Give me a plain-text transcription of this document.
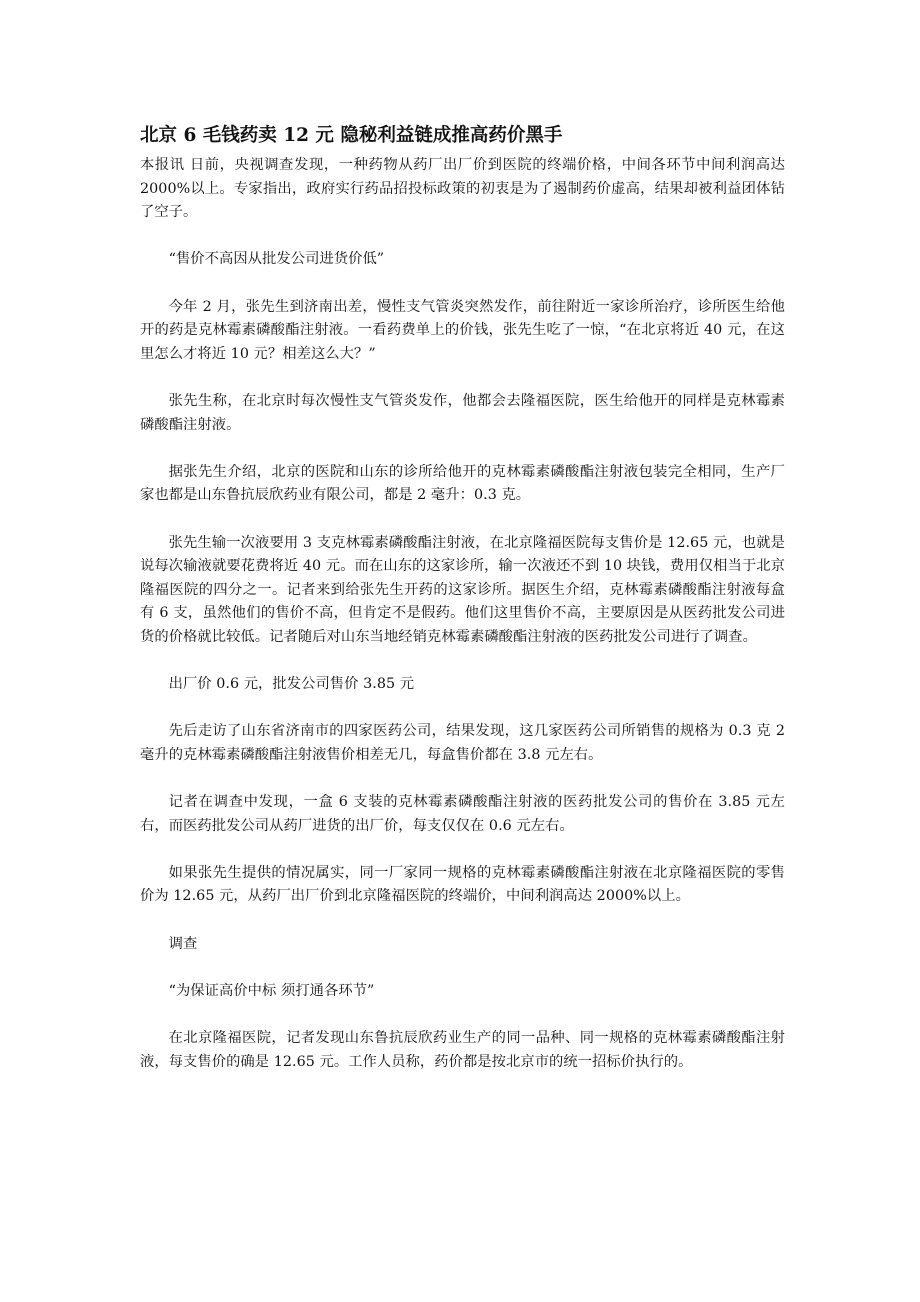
北京 6 毛钱药卖 12 元 隐秘利益链成推高药价黑手

本报讯 日前，央视调查发现，一种药物从药厂出厂价到医院的终端价格，中间各环节中间利润高达 2000%以上。专家指出，政府实行药品招投标政策的初衷是为了遏制药价虚高，结果却被利益团体钻了空子。

“售价不高因从批发公司进货价低”

今年 2 月，张先生到济南出差，慢性支气管炎突然发作，前往附近一家诊所治疗，诊所医生给他开的药是克林霉素磷酸酯注射液。一看药费单上的价钱，张先生吃了一惊，“在北京将近 40 元，在这里怎么才将近 10 元？相差这么大？”

张先生称，在北京时每次慢性支气管炎发作，他都会去隆福医院，医生给他开的同样是克林霉素磷酸酯注射液。

据张先生介绍，北京的医院和山东的诊所给他开的克林霉素磷酸酯注射液包装完全相同，生产厂家也都是山东鲁抗辰欣药业有限公司，都是 2 毫升：0.3 克。

张先生输一次液要用 3 支克林霉素磷酸酯注射液，在北京隆福医院每支售价是 12.65 元，也就是说每次输液就要花费将近 40 元。而在山东的这家诊所，输一次液还不到 10 块钱，费用仅相当于北京隆福医院的四分之一。记者来到给张先生开药的这家诊所。据医生介绍，克林霉素磷酸酯注射液每盒有 6 支，虽然他们的售价不高，但肯定不是假药。他们这里售价不高，主要原因是从医药批发公司进货的价格就比较低。记者随后对山东当地经销克林霉素磷酸酯注射液的医药批发公司进行了调查。

出厂价 0.6 元，批发公司售价 3.85 元

先后走访了山东省济南市的四家医药公司，结果发现，这几家医药公司所销售的规格为 0.3 克 2 毫升的克林霉素磷酸酯注射液售价相差无几，每盒售价都在 3.8 元左右。

记者在调查中发现，一盒 6 支装的克林霉素磷酸酯注射液的医药批发公司的售价在 3.85 元左右，而医药批发公司从药厂进货的出厂价，每支仅仅在 0.6 元左右。

如果张先生提供的情况属实，同一厂家同一规格的克林霉素磷酸酯注射液在北京隆福医院的零售价为 12.65 元，从药厂出厂价到北京隆福医院的终端价，中间利润高达 2000%以上。

调查

“为保证高价中标 须打通各环节”

在北京隆福医院，记者发现山东鲁抗辰欣药业生产的同一品种、同一规格的克林霉素磷酸酯注射液，每支售价的确是 12.65 元。工作人员称，药价都是按北京市的统一招标价执行的。
